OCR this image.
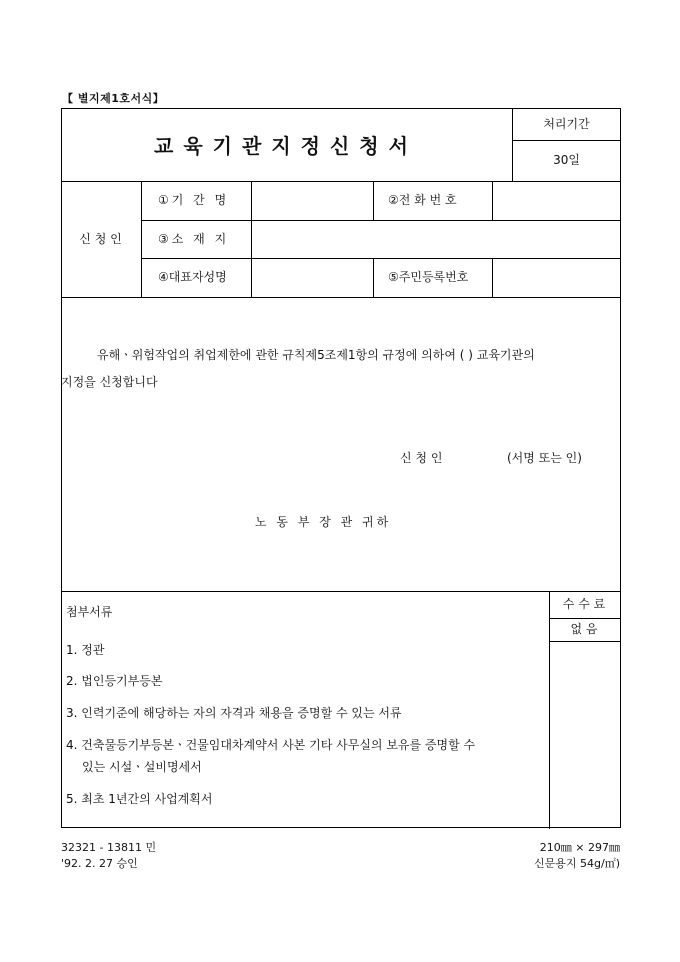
【 별지제1호서식】
교육기관지정신청서
처리기간
30일
신 청 인
①기 간 명	②전 화 번 호
③소 재 지
④대표자성명	⑤주민등록번호
유해ㆍ위험작업의 취업제한에 관한 규칙제5조제1항의 규정에 의하여 ( ) 교육기관의
지정을 신청합니다
신 청 인	(서명 또는 인)
노 동 부 장 관 귀하
첨부서류
수 수 료
없 음
1. 정관
2. 법인등기부등본
3. 인력기준에 해당하는 자의 자격과 채용을 증명할 수 있는 서류
4. 건축물등기부등본ㆍ건물임대차계약서 사본 기타 사무실의 보유를 증명할 수
있는 시설ㆍ설비명세서
5. 최초 1년간의 사업계획서
32321 - 13811 민
'92. 2. 27 승인
210㎜ × 297㎜
신문용지 54g/㎡)
